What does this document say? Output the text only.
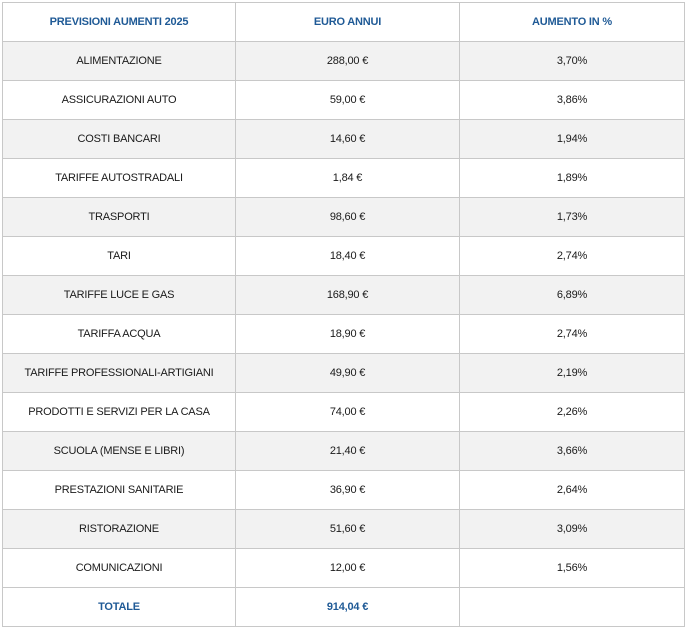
PREVISIONI AUMENTI 2025	EURO ANNUI	AUMENTO IN %
ALIMENTAZIONE	288,00 €	3,70%
ASSICURAZIONI AUTO	59,00 €	3,86%
COSTI BANCARI	14,60 €	1,94%
TARIFFE AUTOSTRADALI	1,84 €	1,89%
TRASPORTI	98,60 €	1,73%
TARI	18,40 €	2,74%
TARIFFE LUCE E GAS	168,90 €	6,89%
TARIFFA ACQUA	18,90 €	2,74%
TARIFFE PROFESSIONALI-ARTIGIANI	49,90 €	2,19%
PRODOTTI E SERVIZI PER LA CASA	74,00 €	2,26%
SCUOLA (MENSE E LIBRI)	21,40 €	3,66%
PRESTAZIONI SANITARIE	36,90 €	2,64%
RISTORAZIONE	51,60 €	3,09%
COMUNICAZIONI	12,00 €	1,56%
TOTALE	914,04 €	
